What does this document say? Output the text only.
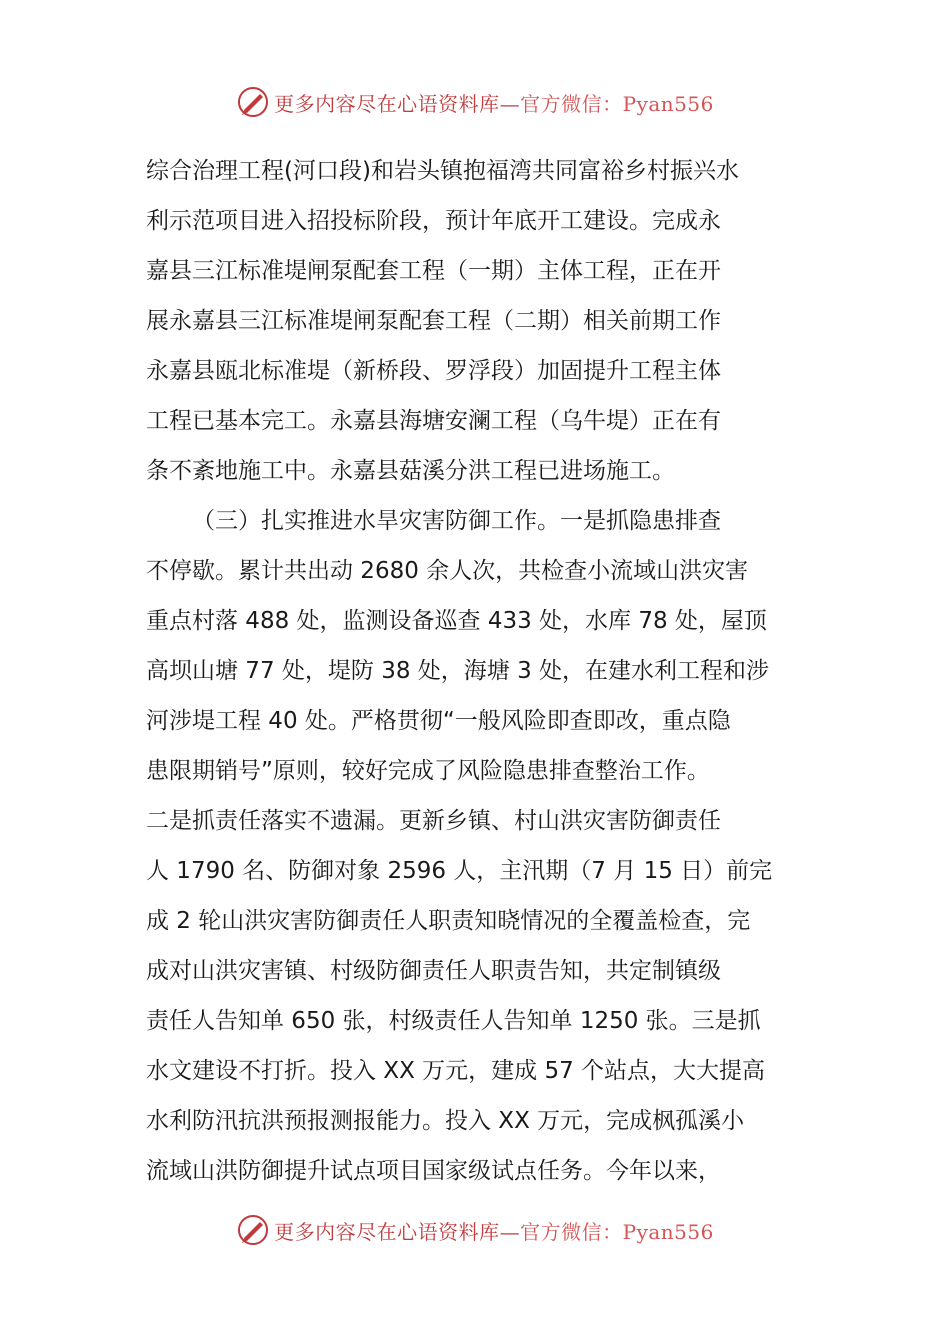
更多内容尽在心语资料库—官方微信：Pyan556
综合治理工程(河口段)和岩头镇抱福湾共同富裕乡村振兴水
利示范项目进入招投标阶段，预计年底开工建设。完成永
嘉县三江标准堤闸泵配套工程（一期）主体工程，正在开
展永嘉县三江标准堤闸泵配套工程（二期）相关前期工作
永嘉县瓯北标准堤（新桥段、罗浮段）加固提升工程主体
工程已基本完工。永嘉县海塘安澜工程（乌牛堤）正在有
条不紊地施工中。永嘉县菇溪分洪工程已进场施工。
（三）扎实推进水旱灾害防御工作。一是抓隐患排查
不停歇。累计共出动 2680 余人次，共检查小流域山洪灾害
重点村落 488 处，监测设备巡查 433 处，水库 78 处，屋顶
高坝山塘 77 处，堤防 38 处，海塘 3 处，在建水利工程和涉
河涉堤工程 40 处。严格贯彻“一般风险即查即改，重点隐
患限期销号”原则，较好完成了风险隐患排查整治工作。
二是抓责任落实不遗漏。更新乡镇、村山洪灾害防御责任
人 1790 名、防御对象 2596 人，主汛期（7 月 15 日）前完
成 2 轮山洪灾害防御责任人职责知晓情况的全覆盖检查，完
成对山洪灾害镇、村级防御责任人职责告知，共定制镇级
责任人告知单 650 张，村级责任人告知单 1250 张。三是抓
水文建设不打折。投入 XX 万元，建成 57 个站点，大大提高
水利防汛抗洪预报测报能力。投入 XX 万元，完成枫孤溪小
流域山洪防御提升试点项目国家级试点任务。今年以来，
更多内容尽在心语资料库—官方微信：Pyan556
